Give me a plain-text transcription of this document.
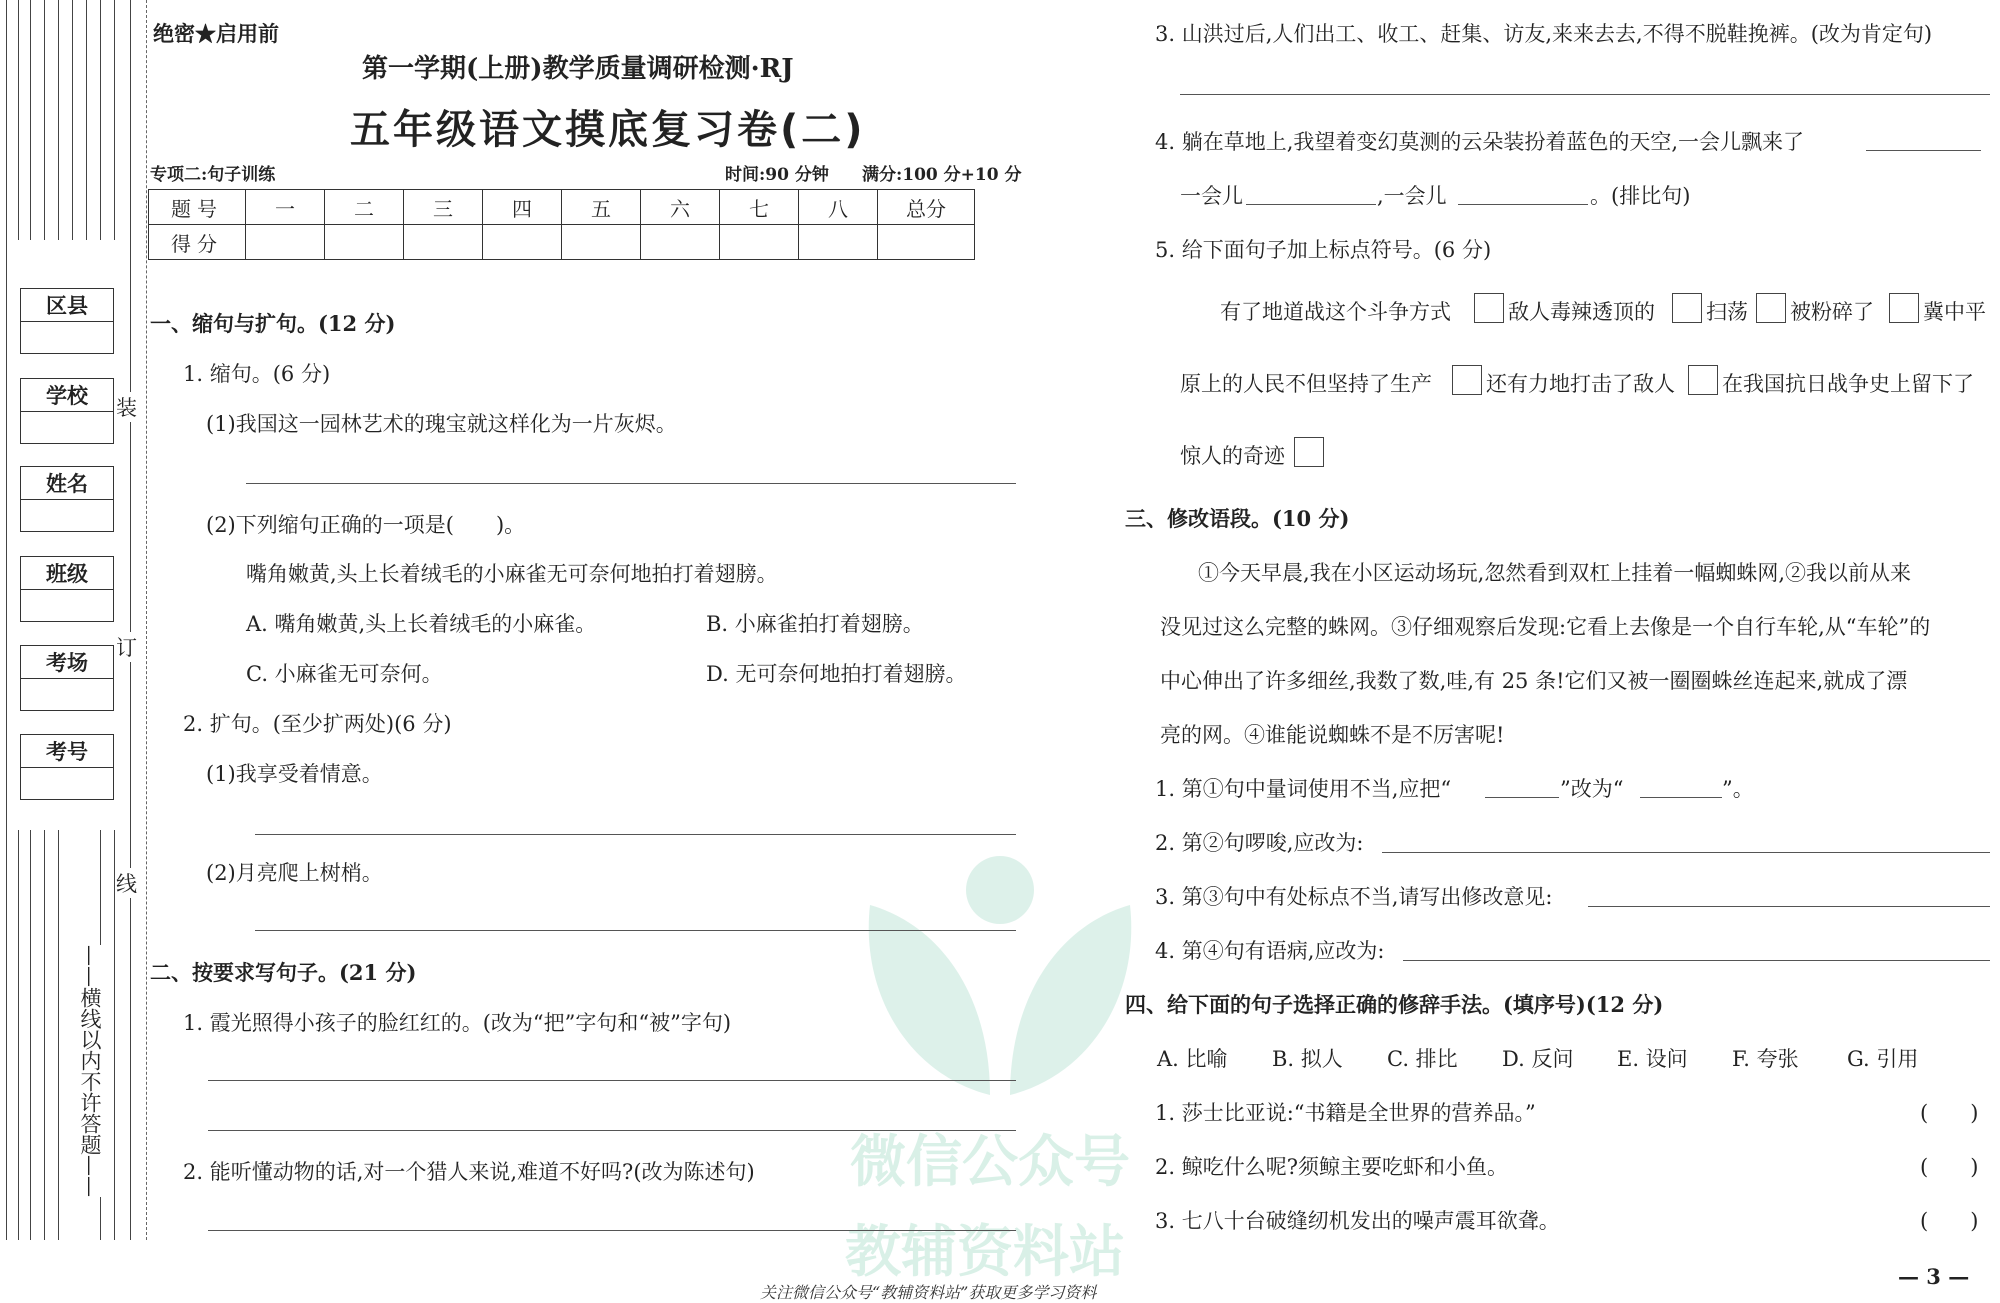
区县
学校
姓名
班级
考场
考号
装
订
线
——横线以内不许答题——	微信公众号
教辅资料站
绝密★启用前
第一学期(上册)教学质量调研检测·RJ
五年级语文摸底复习卷(二)
专项二:句子训练	时间:90 分钟 满分:100 分+10 分
题号	一	二	三	四	五	六	七	八	总分
得分									
一、缩句与扩句。(12 分)
1. 缩句。(6 分)
(1)我国这一园林艺术的瑰宝就这样化为一片灰烬。
(2)下列缩句正确的一项是(　　)。
嘴角嫩黄,头上长着绒毛的小麻雀无可奈何地拍打着翅膀。
A. 嘴角嫩黄,头上长着绒毛的小麻雀。	B. 小麻雀拍打着翅膀。
C. 小麻雀无可奈何。	D. 无可奈何地拍打着翅膀。
2. 扩句。(至少扩两处)(6 分)
(1)我享受着情意。
(2)月亮爬上树梢。
二、按要求写句子。(21 分)
1. 霞光照得小孩子的脸红红的。(改为“把”字句和“被”字句)
2. 能听懂动物的话,对一个猎人来说,难道不好吗?(改为陈述句)
3. 山洪过后,人们出工、收工、赶集、访友,来来去去,不得不脱鞋挽裤。(改为肯定句)
4. 躺在草地上,我望着变幻莫测的云朵装扮着蓝色的天空,一会儿飘来了
一会儿	,一会儿	。(排比句)
5. 给下面句子加上标点符号。(6 分)
有了地道战这个斗争方式	敌人毒辣透顶的 扫荡 被粉碎了 冀中平
原上的人民不但坚持了生产	还有力地打击了敌人 在我国抗日战争史上留下了
惊人的奇迹
三、修改语段。(10 分)
①今天早晨,我在小区运动场玩,忽然看到双杠上挂着一幅蜘蛛网,②我以前从来
没见过这么完整的蛛网。③仔细观察后发现:它看上去像是一个自行车轮,从“车轮”的
中心伸出了许多细丝,我数了数,哇,有 25 条!它们又被一圈圈蛛丝连起来,就成了漂
亮的网。④谁能说蜘蛛不是不厉害呢!
1. 第①句中量词使用不当,应把“	”改为“	”。
2. 第②句啰唆,应改为:
3. 第③句中有处标点不当,请写出修改意见:
4. 第④句有语病,应改为:
四、给下面的句子选择正确的修辞手法。(填序号)(12 分)
A. 比喻 B. 拟人 C. 排比 D. 反问 E. 设问 F. 夸张 G. 引用
1. 莎士比亚说:“书籍是全世界的营养品。”	(　　)
2. 鲸吃什么呢?须鲸主要吃虾和小鱼。	(　　)
3. 七八十台破缝纫机发出的噪声震耳欲聋。	(　　)
关注微信公众号“教辅资料站”获取更多学习资料
— 3 —
